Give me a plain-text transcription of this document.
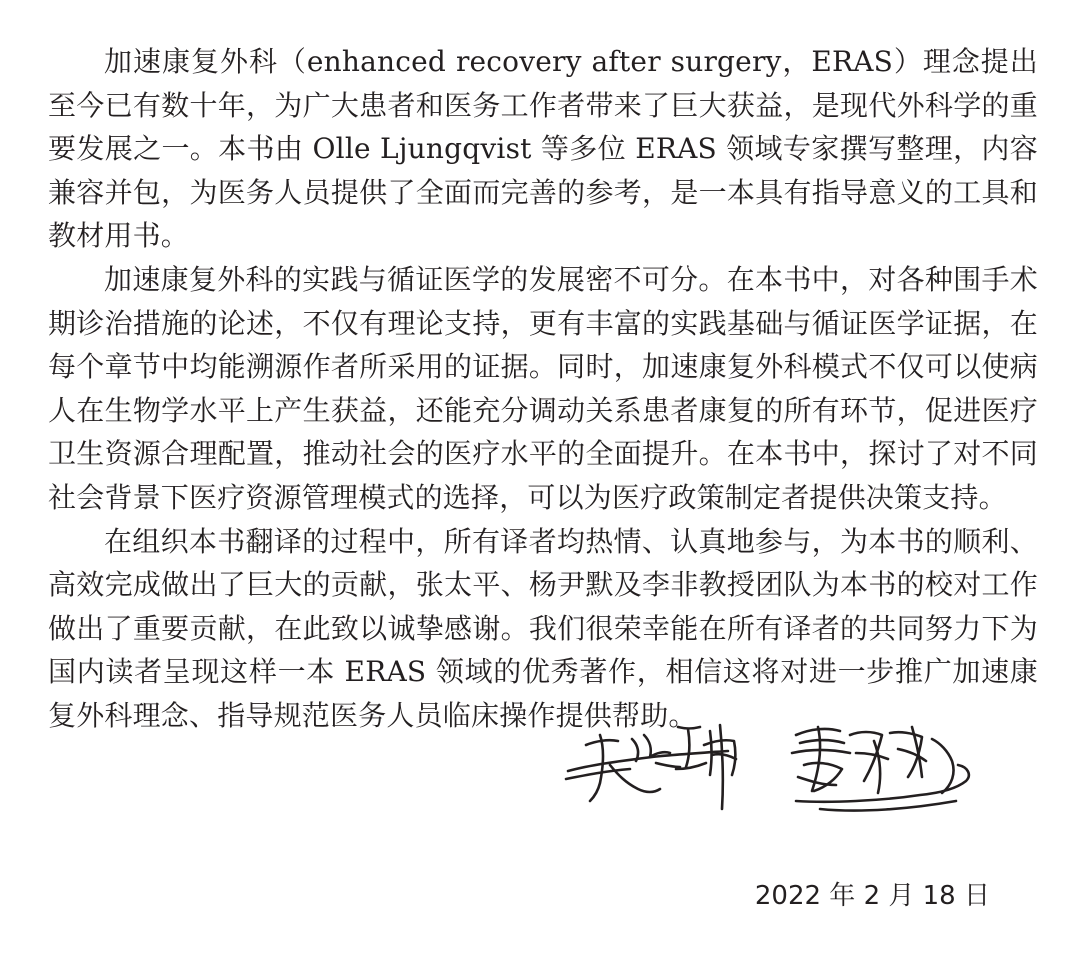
加速康复外科（enhanced recovery after surgery，ERAS）理念提出至今已有数十年，为广大患者和医务工作者带来了巨大获益，是现代外科学的重要发展之一。本书由 Olle Ljungqvist 等多位 ERAS 领域专家撰写整理，内容兼容并包，为医务人员提供了全面而完善的参考，是一本具有指导意义的工具和教材用书。

加速康复外科的实践与循证医学的发展密不可分。在本书中，对各种围手术期诊治措施的论述，不仅有理论支持，更有丰富的实践基础与循证医学证据，在每个章节中均能溯源作者所采用的证据。同时，加速康复外科模式不仅可以使病人在生物学水平上产生获益，还能充分调动关系患者康复的所有环节，促进医疗卫生资源合理配置，推动社会的医疗水平的全面提升。在本书中，探讨了对不同社会背景下医疗资源管理模式的选择，可以为医疗政策制定者提供决策支持。

在组织本书翻译的过程中，所有译者均热情、认真地参与，为本书的顺利、高效完成做出了巨大的贡献，张太平、杨尹默及李非教授团队为本书的校对工作做出了重要贡献，在此致以诚挚感谢。我们很荣幸能在所有译者的共同努力下为国内读者呈现这样一本 ERAS 领域的优秀著作，相信这将对进一步推广加速康复外科理念、指导规范医务人员临床操作提供帮助。

2022 年 2 月 18 日
